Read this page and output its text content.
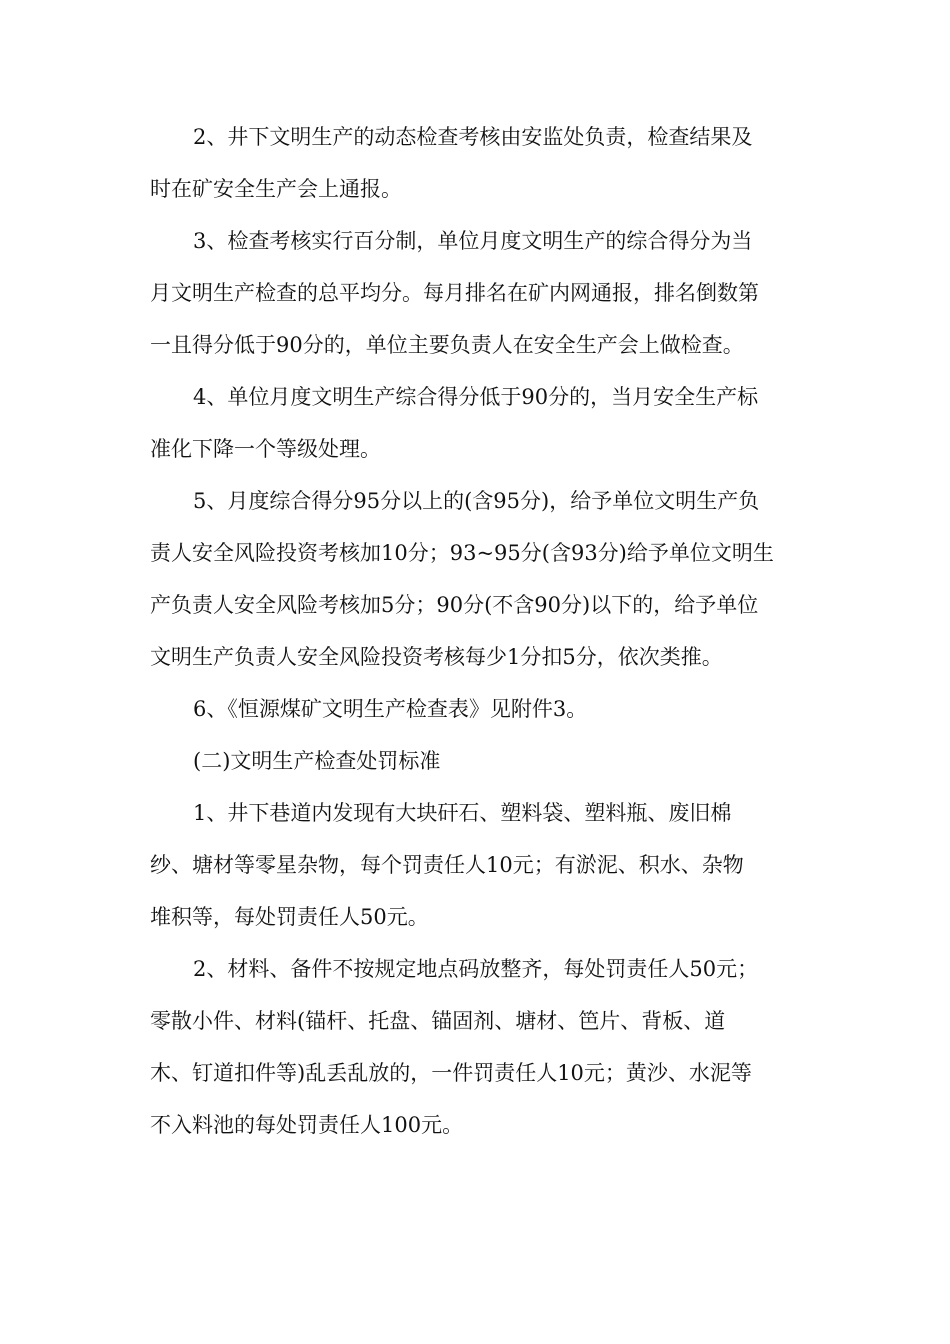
2、井下文明生产的动态检查考核由安监处负责，检查结果及
时在矿安全生产会上通报。
3、检查考核实行百分制，单位月度文明生产的综合得分为当
月文明生产检查的总平均分。每月排名在矿内网通报，排名倒数第
一且得分低于90分的，单位主要负责人在安全生产会上做检查。
4、单位月度文明生产综合得分低于90分的，当月安全生产标
准化下降一个等级处理。
5、月度综合得分95分以上的(含95分)，给予单位文明生产负
责人安全风险投资考核加10分；93~95分(含93分)给予单位文明生
产负责人安全风险考核加5分；90分(不含90分)以下的，给予单位
文明生产负责人安全风险投资考核每少1分扣5分，依次类推。
6、《恒源煤矿文明生产检查表》见附件3。
(二)文明生产检查处罚标准
1、井下巷道内发现有大块矸石、塑料袋、塑料瓶、废旧棉
纱、塘材等零星杂物，每个罚责任人10元；有淤泥、积水、杂物
堆积等，每处罚责任人50元。
2、材料、备件不按规定地点码放整齐，每处罚责任人50元；
零散小件、材料(锚杆、托盘、锚固剂、塘材、笆片、背板、道
木、钉道扣件等)乱丢乱放的，一件罚责任人10元；黄沙、水泥等
不入料池的每处罚责任人100元。
